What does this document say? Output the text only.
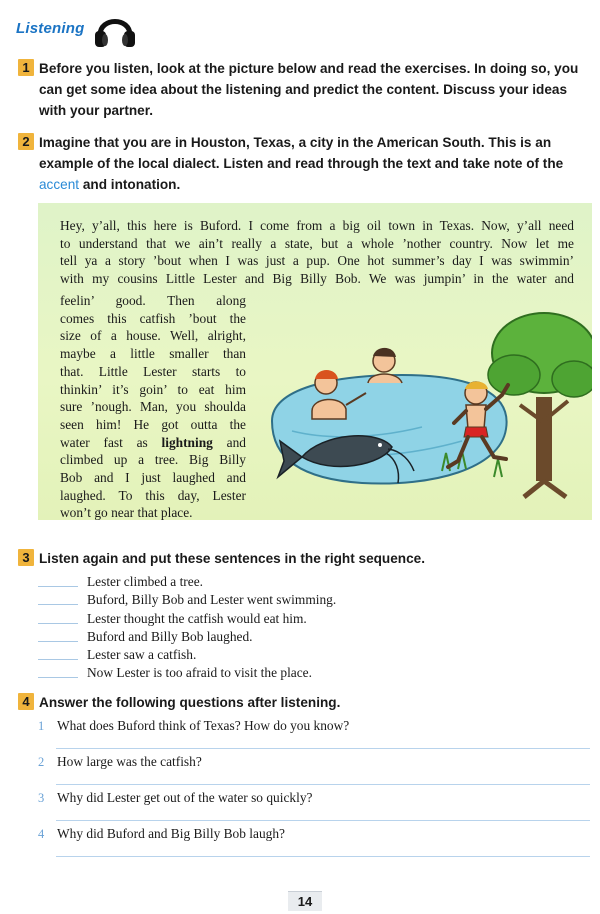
Listening
1 Before you listen, look at the picture below and read the exercises. In doing so, you can get some idea about the listening and predict the content. Discuss your ideas with your partner.
2 Imagine that you are in Houston, Texas, a city in the American South. This is an example of the local dialect. Listen and read through the text and take note of the accent and intonation.
Hey, y’all, this here is Buford. I come from a big oil town in Texas. Now, y’all need
to understand that we ain’t really a state, but a whole ’nother country. Now let me
tell ya a story ’bout when I was just a pup. One hot summer’s day I was swimmin’
with my cousins Little Lester and Big Billy Bob. We was jumpin’ in the water and
feelin’ good. Then along
comes this catfish ’bout the
size of a house. Well, alright,
maybe a little smaller than
that. Little Lester starts to
thinkin’ it’s goin’ to eat him
sure ’nough. Man, you shoulda
seen him! He got outta the
water fast as lightning and
climbed up a tree. Big Billy
Bob and I just laughed and
laughed. To this day, Lester
won’t go near that place.
3 Listen again and put these sentences in the right sequence.
Lester climbed a tree.
Buford, Billy Bob and Lester went swimming.
Lester thought the catfish would eat him.
Buford and Billy Bob laughed.
Lester saw a catfish.
Now Lester is too afraid to visit the place.
4 Answer the following questions after listening.
1 What does Buford think of Texas? How do you know?
2 How large was the catfish?
3 Why did Lester get out of the water so quickly?
4 Why did Buford and Big Billy Bob laugh?
14
